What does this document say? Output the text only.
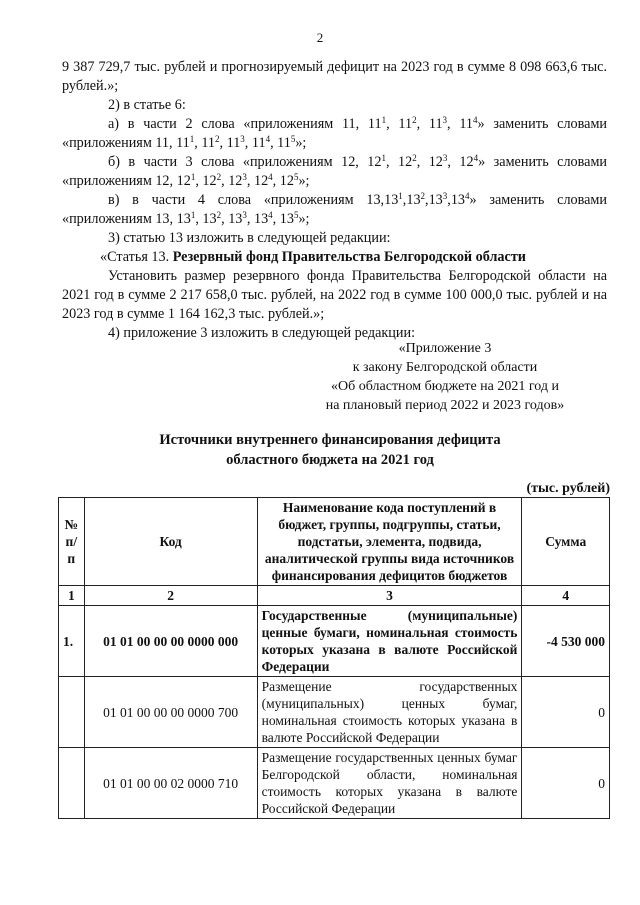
2

9 387 729,7 тыс. рублей и прогнозируемый дефицит на 2023 год в сумме 8 098 663,6 тыс. рублей.»;

2) в статье 6:

а) в части 2 слова «приложениям 11, $11^1$, $11^2$, $11^3$, $11^4$» заменить словами «приложениям 11, $11^1$, $11^2$, $11^3$, $11^4$, $11^5$»;

б) в части 3 слова «приложениям 12, $12^1$, $12^2$, $12^3$, $12^4$» заменить словами «приложениям 12, $12^1$, $12^2$, $12^3$, $12^4$, $12^5$»;

в) в части 4 слова «приложениям $13,13^1,13^2,13^3,13^4$» заменить словами «приложениям 13, $13^1$, $13^2$, $13^3$, $13^4$, $13^5$»;

3) статью 13 изложить в следующей редакции:

«Статья 13. Резервный фонд Правительства Белгородской области

Установить размер резервного фонда Правительства Белгородской области на 2021 год в сумме 2 217 658,0 тыс. рублей, на 2022 год в сумме 100 000,0 тыс. рублей и на 2023 год в сумме 1 164 162,3 тыс. рублей.»;

4) приложение 3 изложить в следующей редакции:

«Приложение 3
к закону Белгородской области
«Об областном бюджете на 2021 год и
на плановый период 2022 и 2023 годов»
Источники внутреннего финансирования дефицита
областного бюджета на 2021 год
(тыс. рублей)
№ п/п	Код	Наименование кода поступлений в бюджет, группы, подгруппы, статьи, подстатьи, элемента, подвида, аналитической группы вида источников финансирования дефицитов бюджетов	Сумма
1	2	3	4
1.	01 01 00 00 00 0000 000	Государственные (муниципальные) ценные бумаги, номинальная стоимость которых указана в валюте Российской Федерации	-4 530 000
	01 01 00 00 00 0000 700	Размещение государственных (муниципальных) ценных бумаг, номинальная стоимость которых указана в валюте Российской Федерации	0
	01 01 00 00 02 0000 710	Размещение государственных ценных бумаг Белгородской области, номинальная стоимость которых указана в валюте Российской Федерации	0
